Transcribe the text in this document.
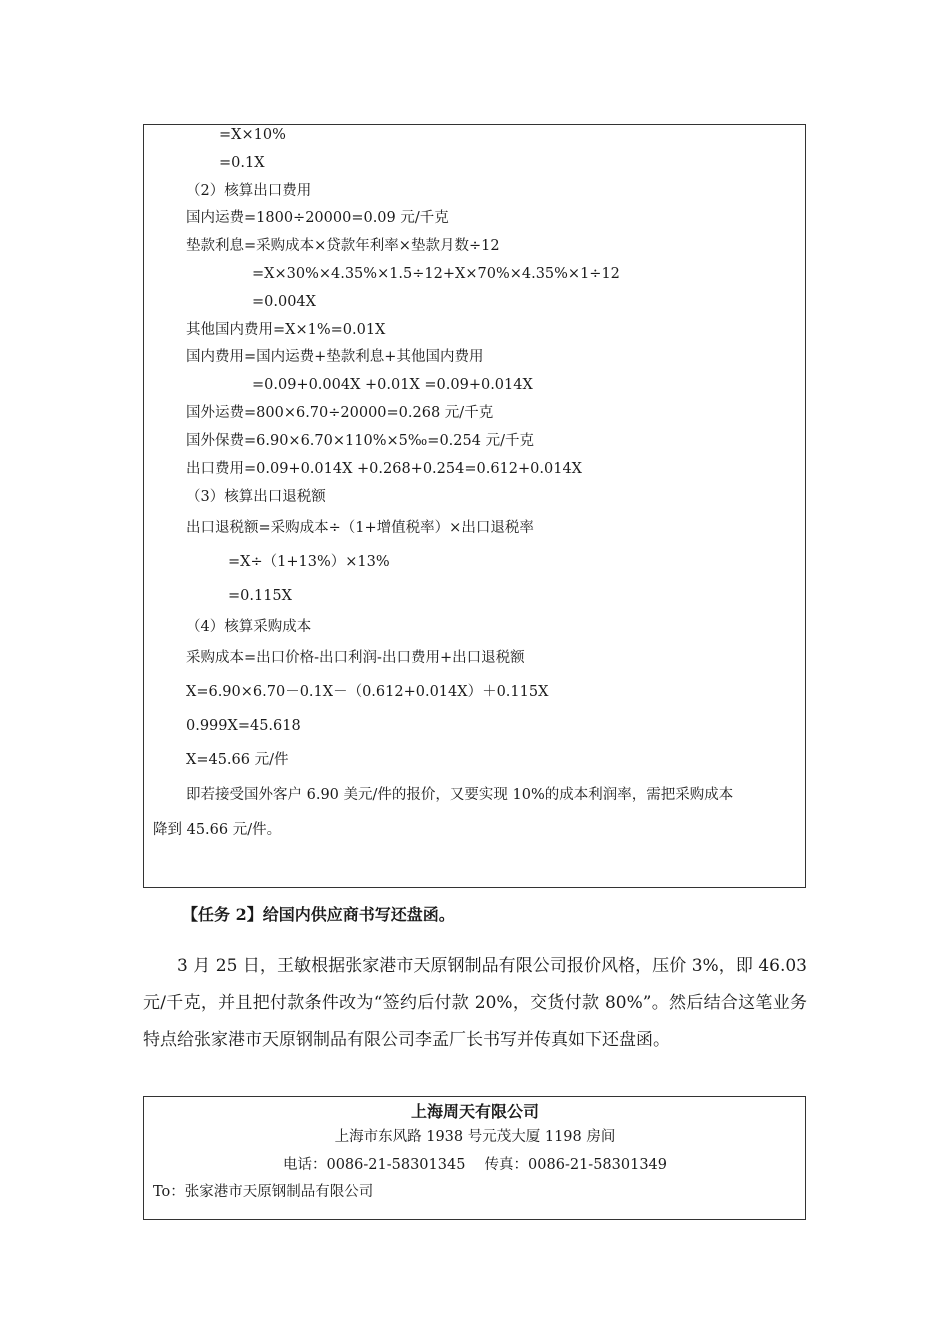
=X×10%
=0.1X
（2）核算出口费用
国内运费=1800÷20000=0.09 元/千克
垫款利息=采购成本×贷款年利率×垫款月数÷12
=X×30%×4.35%×1.5÷12+X×70%×4.35%×1÷12
=0.004X
其他国内费用=X×1%=0.01X
国内费用=国内运费+垫款利息+其他国内费用
=0.09+0.004X +0.01X =0.09+0.014X
国外运费=800×6.70÷20000=0.268 元/千克
国外保费=6.90×6.70×110%×5‰=0.254 元/千克
出口费用=0.09+0.014X +0.268+0.254=0.612+0.014X
（3）核算出口退税额
出口退税额=采购成本÷（1+增值税率）×出口退税率
=X÷（1+13%）×13%
=0.115X
（4）核算采购成本
采购成本=出口价格-出口利润-出口费用+出口退税额
X=6.90×6.70－0.1X－（0.612+0.014X）＋0.115X
0.999X=45.618
X=45.66 元/件
即若接受国外客户 6.90 美元/件的报价，又要实现 10%的成本利润率，需把采购成本
降到 45.66 元/件。
【任务 2】给国内供应商书写还盘函。
3 月 25 日，王敏根据张家港市天原钢制品有限公司报价风格，压价 3%，即 46.03 元/千克，并且把付款条件改为“签约后付款 20%，交货付款 80%”。然后结合这笔业务特点给张家港市天原钢制品有限公司李孟厂长书写并传真如下还盘函。
上海周天有限公司
上海市东风路 1938 号元茂大厦 1198 房间
电话：0086-21-58301345　 传真：0086-21-58301349
To：张家港市天原钢制品有限公司
